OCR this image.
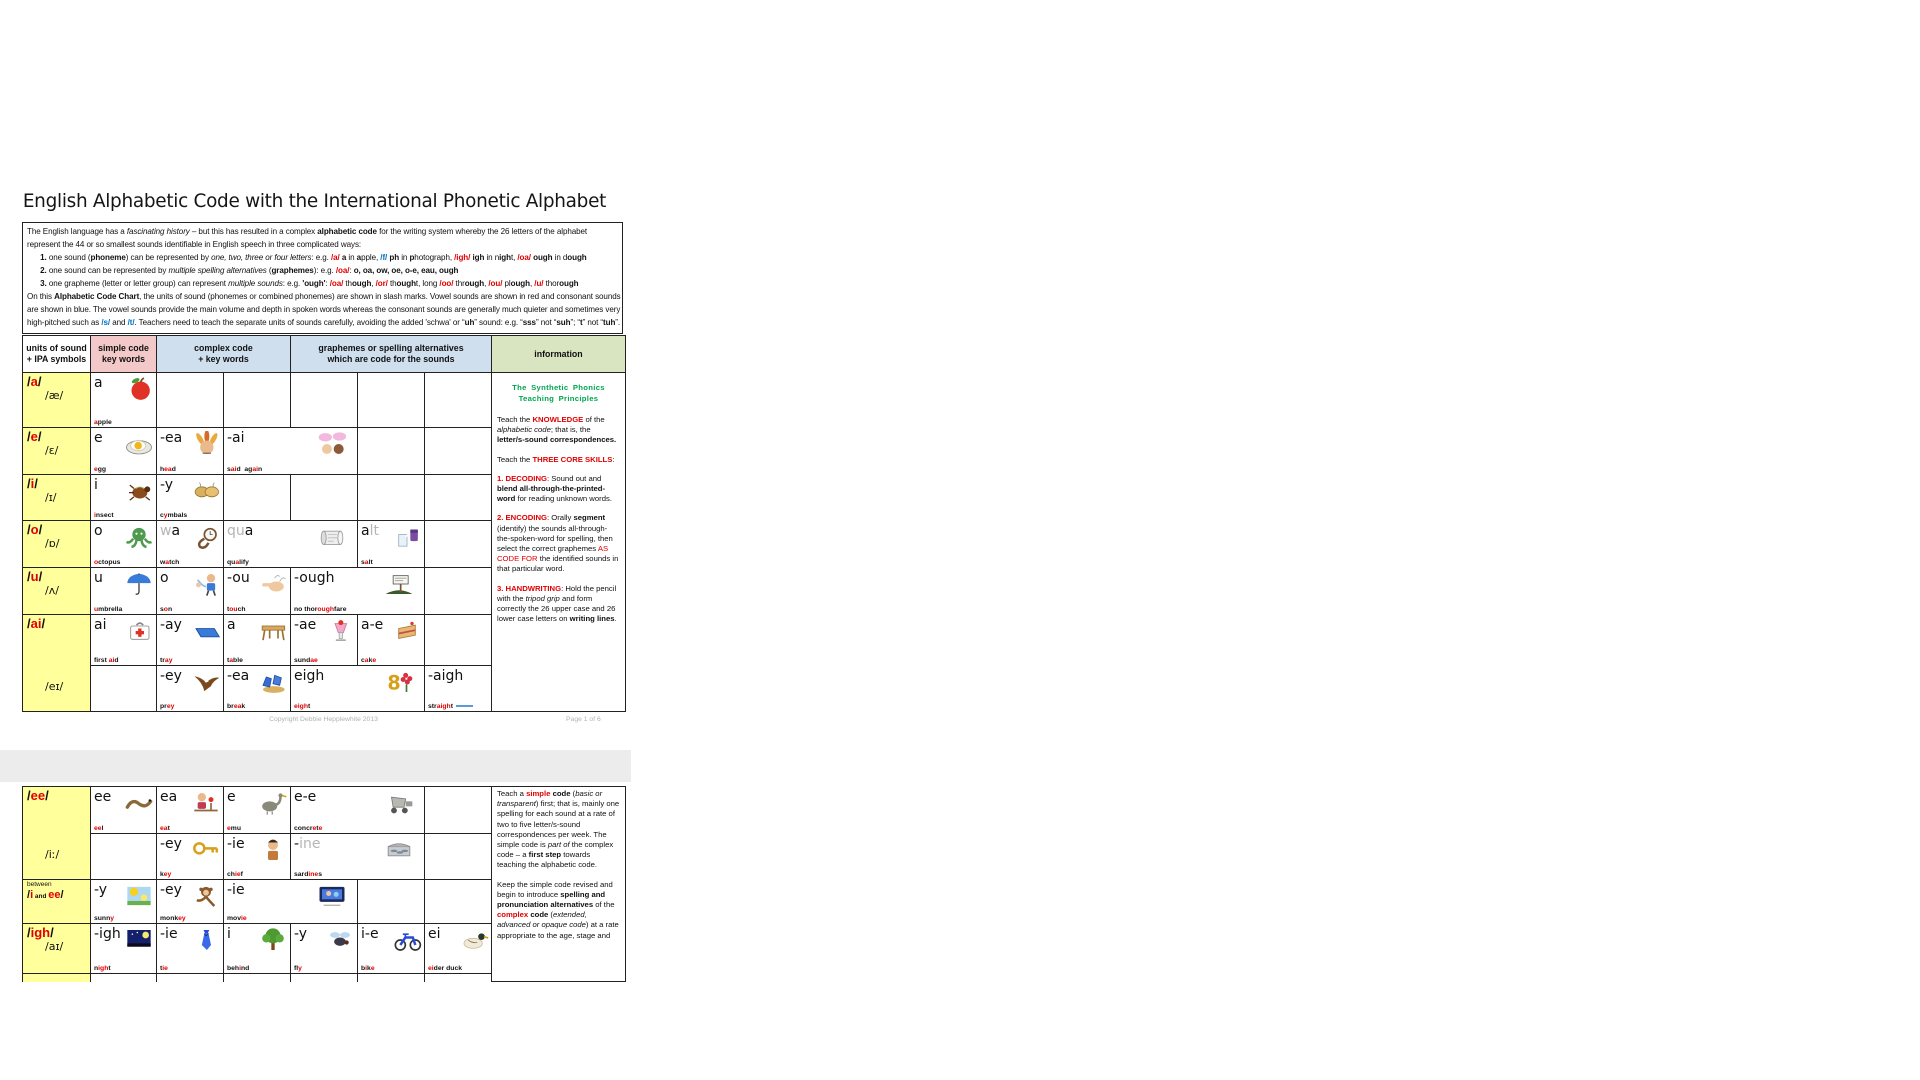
English Alphabetic Code with the International Phonetic Alphabet
The English language has a fascinating history – but this has resulted in a complex alphabetic code for the writing system whereby the 26 letters of the alphabet
represent the 44 or so smallest sounds identifiable in English speech in three complicated ways:
1. one sound (phoneme) can be represented by one, two, three or four letters: e.g. /a/ a in apple, /f/ ph in photograph, /igh/ igh in night, /oa/ ough in dough
2. one sound can be represented by multiple spelling alternatives (graphemes): e.g. /oa/: o, oa, ow, oe, o-e, eau, ough
3. one grapheme (letter or letter group) can represent multiple sounds: e.g. 'ough': /oa/ though, /or/ thought, long /oo/ through, /ou/ plough, /u/ thorough
On this Alphabetic Code Chart, the units of sound (phonemes or combined phonemes) are shown in slash marks. Vowel sounds are shown in red and consonant sounds
are shown in blue. The vowel sounds provide the main volume and depth in spoken words whereas the consonant sounds are generally much quieter and sometimes very
high-pitched such as /s/ and /t/. Teachers need to teach the separate units of sounds carefully, avoiding the added 'schwa' or “uh” sound: e.g. “sss” not “suh”; “t” not “tuh”.
units of sound
+ IPA symbols
simple code
key words
complex code
+ key words
graphemes or spelling alternatives
which are code for the sounds
information
/a/
/æ/
a
apple
The Synthetic Phonics
Teaching Principles
Teach the KNOWLEDGE of the alphabetic code; that is, the letter/s-sound correspondences.
Teach the THREE CORE SKILLS:
1. DECODING: Sound out and blend all-through-the-printed-word for reading unknown words.
2. ENCODING: Orally segment (identify) the sounds all-through-the-spoken-word for spelling, then select the correct graphemes AS CODE FOR the identified sounds in that particular word.
3. HANDWRITING: Hold the pencil with the tripod grip and form correctly the 26 upper case and 26 lower case letters on writing lines.
/e/
/ɛ/
e
egg
-ea
head
-ai
said  again
/i/
/ɪ/
i
insect
-y
cymbals
/o/
/ɒ/
o
octopus
wa
watch
qua
qualify
alt
salt
/u/
/ʌ/
u
umbrella
o
son
-ou
touch
-ough
no thoroughfare
/ai/
/eɪ/
ai
first aid
-ay
tray
a
table
-ae
sundae
a-e
cake
-ey
prey
-ea
break
eigh
eight
8 -aigh
straight
Copyright Debbie Hepplewhite 2013	Page 1 of 6
/ee/
/iː/
ee
eel
ea
eat
e
emu
e-e
concrete
Teach a simple code (basic or transparent) first; that is, mainly one spelling for each sound at a rate of two to five letter/s-sound correspondences per week. The simple code is part of the complex code – a first step towards teaching the alphabetic code.
Keep the simple code revised and begin to introduce spelling and pronunciation alternatives of the complex code (extended, advanced or opaque code) at a rate appropriate to the age, stage and
-ey
key
-ie
chief
-ine
sardines
between
/i and ee/	-y
sunny
-ey
monkey
-ie
movie
/igh/
/aɪ/
-igh
night
-ie
tie
i
behind
-y
fly
i-e
bike
ei
eider duck
